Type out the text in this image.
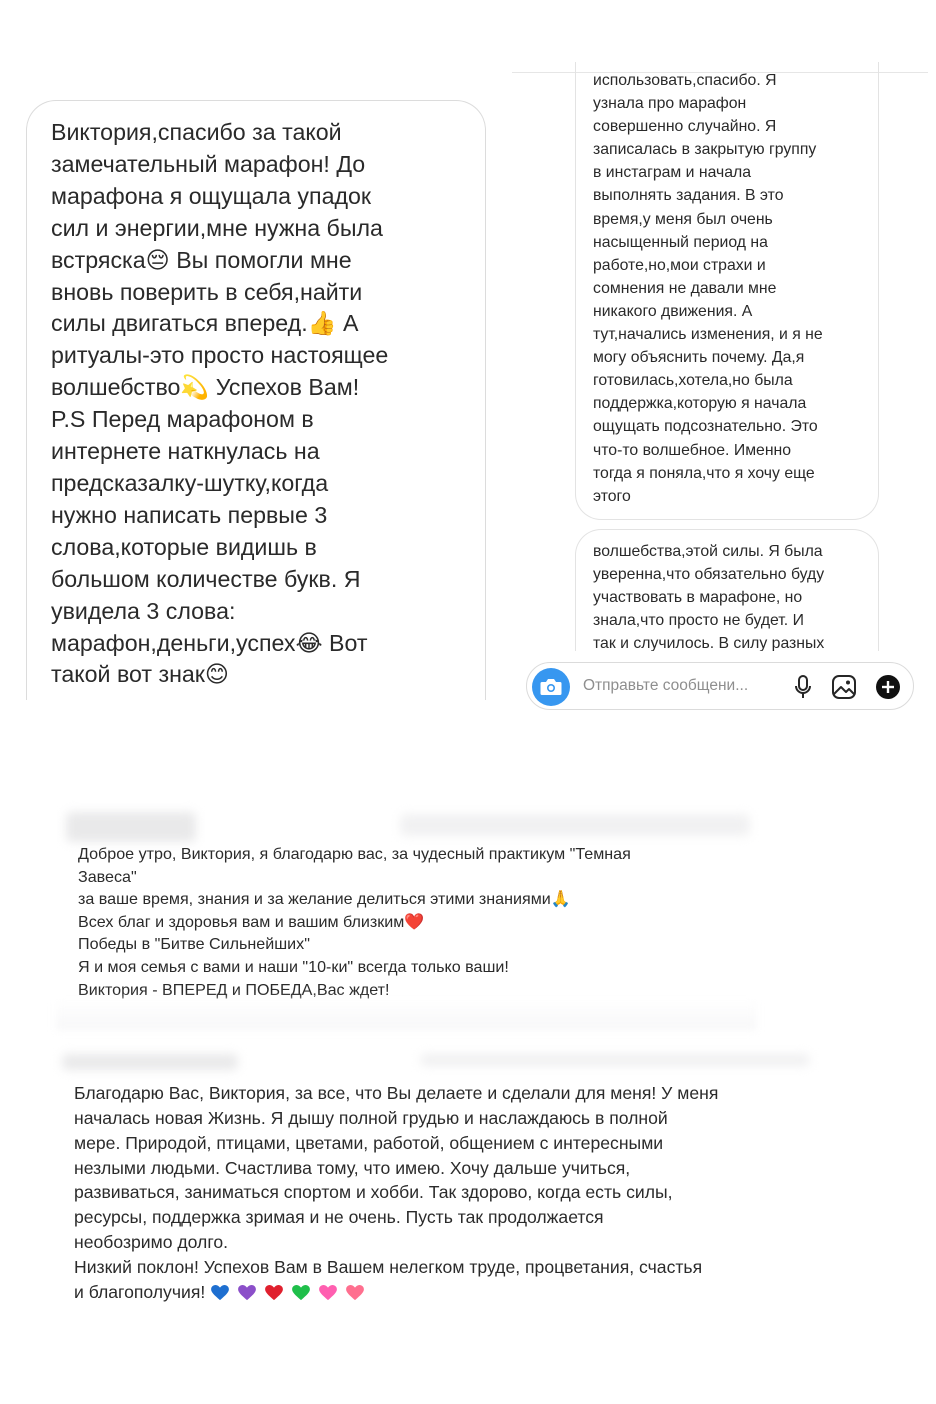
Виктория,спасибо за такой
замечательный марафон! До
марафона я ощущала упадок
сил и энергии,мне нужна была
встряска😔 Вы помогли мне
вновь поверить в себя,найти
силы двигаться вперед.👍 А
ритуалы-это просто настоящее
волшебство💫 Успехов Вам!
P.S Перед марафоном в
интернете наткнулась на
предсказалку-шутку,когда
нужно написать первые 3
слова,которые видишь в
большом количестве букв. Я
увидела 3 слова:
марафон,деньги,успех😂 Вот
такой вот знак😊
использовать,спасибо. Я
узнала про марафон
совершенно случайно. Я
записалась в закрытую группу
в инстаграм и начала
выполнять задания. В это
время,у меня был очень
насыщенный период на
работе,но,мои страхи и
сомнения не давали мне
никакого движения. А
тут,начались изменения, и я не
могу объяснить почему. Да,я
готовилась,хотела,но была
поддержка,которую я начала
ощущать подсознательно. Это
что-то волшебное. Именно
тогда я поняла,что я хочу еще
этого
волшебства,этой силы. Я была
уверенна,что обязательно буду
участвовать в марафоне, но
знала,что просто не будет. И
так и случилось. В силу разных
Отправьте сообщени...
Доброе утро, Виктория, я благодарю вас, за чудесный практикум "Темная
Завеса"
за ваше время, знания и за желание делиться этими знаниями🙏
Всех благ и здоровья вам и вашим близким❤️
Победы в "Битве Сильнейших"
Я и моя семья с вами и наши "10-ки" всегда только ваши!
Виктория - ВПЕРЕД и ПОБЕДА,Вас ждет!
Благодарю Вас, Виктория, за все, что Вы делаете и сделали для меня! У меня
началась новая Жизнь. Я дышу полной грудью и наслаждаюсь в полной
мере. Природой, птицами, цветами, работой, общением с интересными
незлыми людьми. Счастлива тому, что имею. Хочу дальше учиться,
развиваться, заниматься спортом и хобби. Так здорово, когда есть силы,
ресурсы, поддержка зримая и не очень. Пусть так продолжается
необозримо долго.
Низкий поклон! Успехов Вам в Вашем нелегком труде, процветания, счастья
и благополучия!
